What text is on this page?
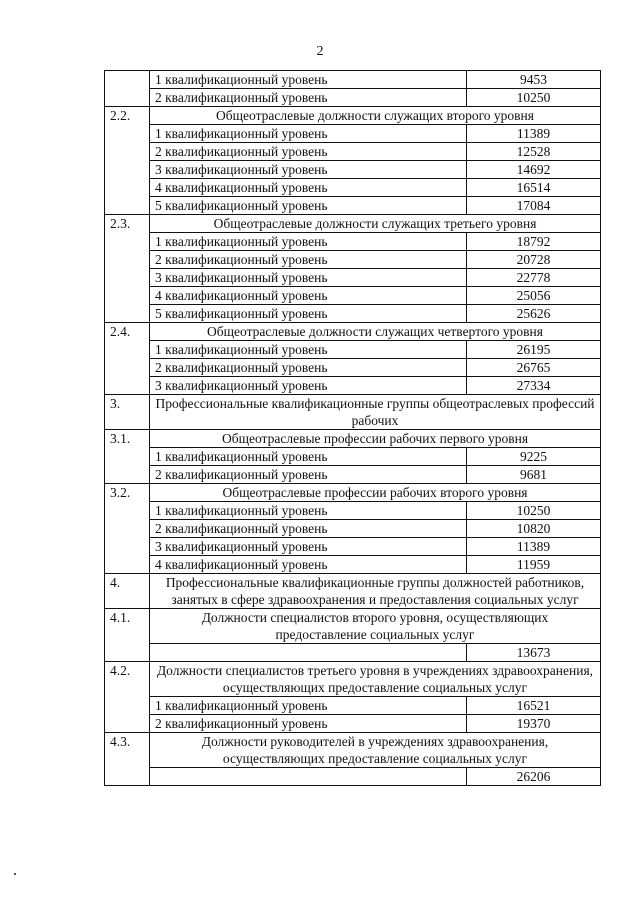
2
	1 квалификационный уровень	9453
	2 квалификационный уровень	10250
2.2.	Общеотраслевые должности служащих второго уровня	
	1 квалификационный уровень	11389
	2 квалификационный уровень	12528
	3 квалификационный уровень	14692
	4 квалификационный уровень	16514
	5 квалификационный уровень	17084
2.3.	Общеотраслевые должности служащих третьего уровня	
	1 квалификационный уровень	18792
	2 квалификационный уровень	20728
	3 квалификационный уровень	22778
	4 квалификационный уровень	25056
	5 квалификационный уровень	25626
2.4.	Общеотраслевые должности служащих четвертого уровня	
	1 квалификационный уровень	26195
	2 квалификационный уровень	26765
	3 квалификационный уровень	27334
3.	Профессиональные квалификационные группы общеотраслевых профессий рабочих	
3.1.	Общеотраслевые профессии рабочих первого уровня	
	1 квалификационный уровень	9225
	2 квалификационный уровень	9681
3.2.	Общеотраслевые профессии рабочих второго уровня	
	1 квалификационный уровень	10250
	2 квалификационный уровень	10820
	3 квалификационный уровень	11389
	4 квалификационный уровень	11959
4.	Профессиональные квалификационные группы должностей работников, занятых в сфере здравоохранения и предоставления социальных услуг	
4.1.	Должности специалистов второго уровня, осуществляющих предоставление социальных услуг	
		13673
4.2.	Должности специалистов третьего уровня в учреждениях здравоохранения, осуществляющих предоставление социальных услуг	
	1 квалификационный уровень	16521
	2 квалификационный уровень	19370
4.3.	Должности руководителей в учреждениях здравоохранения, осуществляющих предоставление социальных услуг	
		26206
